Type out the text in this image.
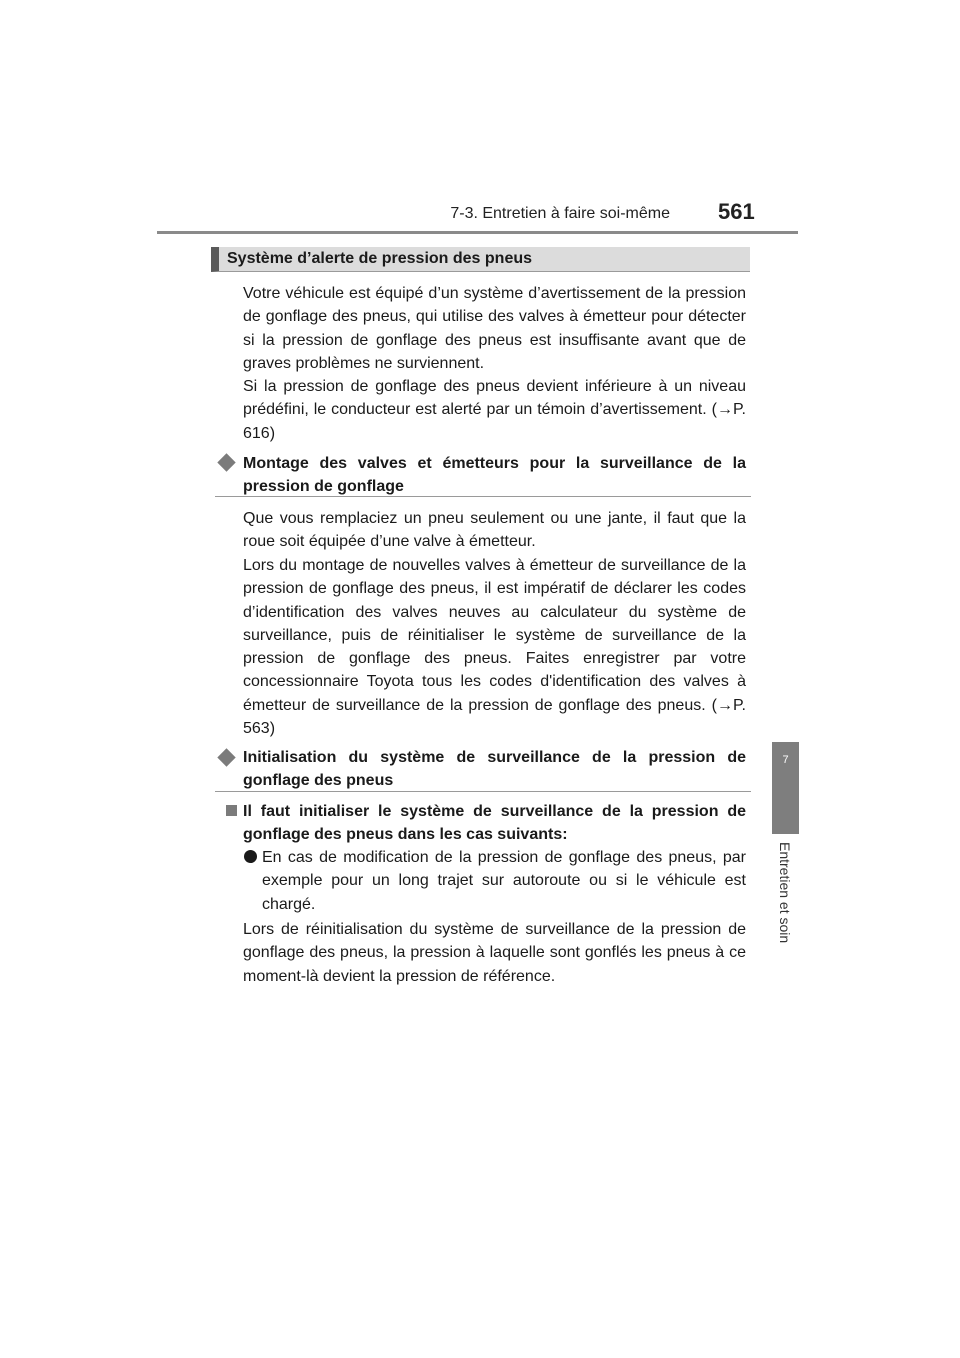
7-3. Entretien à faire soi-même 561
7
Entretien et soin
Système d’alerte de pression des pneus

Votre véhicule est équipé d’un système d’avertissement de la pression de gonflage des pneus, qui utilise des valves à émetteur pour détecter si la pression de gonflage des pneus est insuffisante avant que de graves problèmes ne surviennent.

Si la pression de gonflage des pneus devient inférieure à un niveau prédéfini, le conducteur est alerté par un témoin d’avertissement. (→P. 616)

Montage des valves et émetteurs pour la surveillance de la pression de gonflage

Que vous remplaciez un pneu seulement ou une jante, il faut que la roue soit équipée d’une valve à émetteur.

Lors du montage de nouvelles valves à émetteur de surveillance de la pression de gonflage des pneus, il est impératif de déclarer les codes d’identification des valves neuves au calculateur du système de surveillance, puis de réinitialiser le système de surveillance de la pression de gonflage des pneus. Faites enregistrer par votre concessionnaire Toyota tous les codes d'identification des valves à émetteur de surveillance de la pression de gonflage des pneus. (→P. 563)

Initialisation du système de surveillance de la pression de gonflage des pneus
Il faut initialiser le système de surveillance de la pression de gonflage des pneus dans les cas suivants:

En cas de modification de la pression de gonflage des pneus, par exemple pour un long trajet sur autoroute ou si le véhicule est chargé.

Lors de réinitialisation du système de surveillance de la pression de gonflage des pneus, la pression à laquelle sont gonflés les pneus à ce moment-là devient la pression de référence.
